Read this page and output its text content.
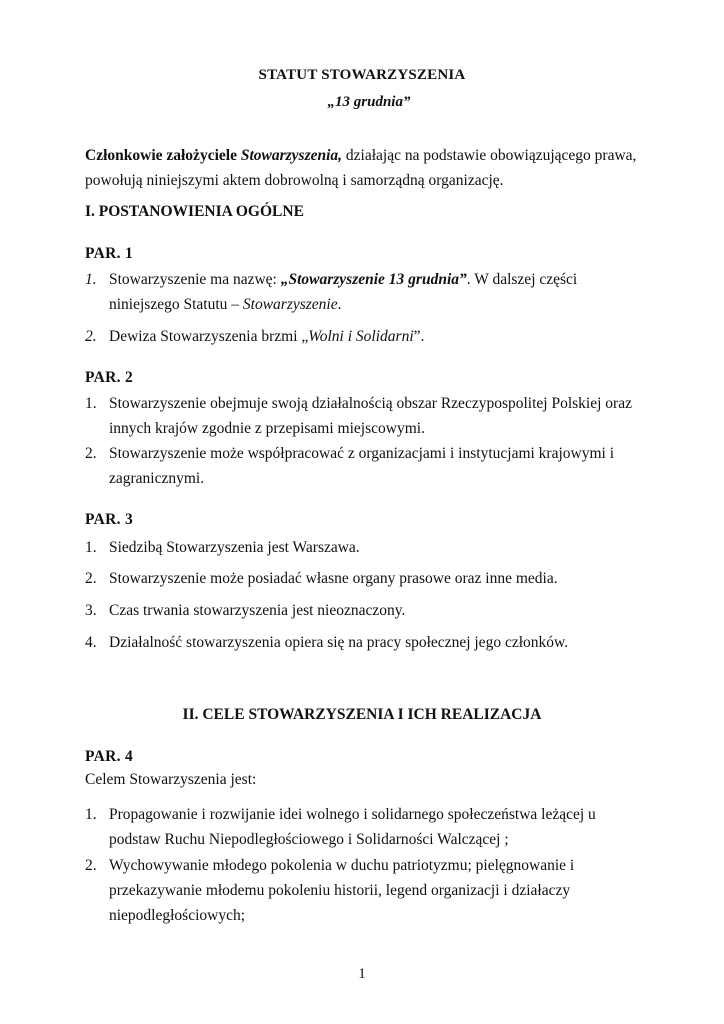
STATUT STOWARZYSZENIA
„13 grudnia”
Członkowie założyciele Stowarzyszenia, działając na podstawie obowiązującego prawa, powołują niniejszymi aktem dobrowolną i samorządną organizację.
I. POSTANOWIENIA OGÓLNE
PAR. 1
1. Stowarzyszenie ma nazwę: „Stowarzyszenie 13 grudnia”. W dalszej części
niniejszego Statutu – Stowarzyszenie.
2. Dewiza Stowarzyszenia brzmi „Wolni i Solidarni”.
PAR. 2
1. Stowarzyszenie obejmuje swoją działalnością obszar Rzeczypospolitej Polskiej oraz innych krajów zgodnie z przepisami miejscowymi.
2. Stowarzyszenie może współpracować z organizacjami i instytucjami krajowymi i zagranicznymi.
PAR. 3
1. Siedzibą Stowarzyszenia jest Warszawa.
2. Stowarzyszenie może posiadać własne organy prasowe oraz inne media.
3. Czas trwania stowarzyszenia jest nieoznaczony.
4. Działalność stowarzyszenia opiera się na pracy społecznej jego członków.
II. CELE STOWARZYSZENIA I ICH REALIZACJA
PAR. 4
Celem Stowarzyszenia jest:
1. Propagowanie i rozwijanie idei wolnego i solidarnego społeczeństwa leżącej u podstaw Ruchu Niepodległościowego i Solidarności Walczącej ;
2. Wychowywanie młodego pokolenia w duchu patriotyzmu; pielęgnowanie i przekazywanie młodemu pokoleniu historii, legend organizacji i działaczy niepodległościowych;
1
